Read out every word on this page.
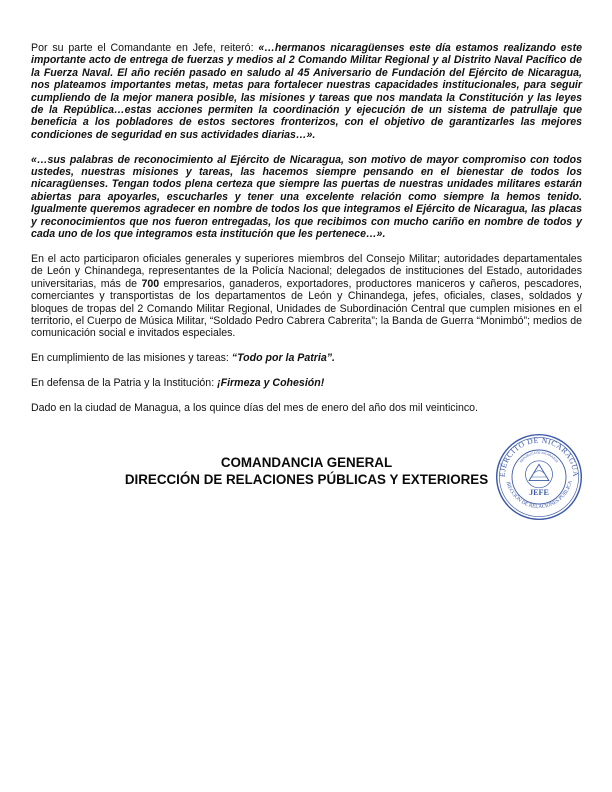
Por su parte el Comandante en Jefe, reiteró: «…hermanos nicaragüenses este día estamos realizando este importante acto de entrega de fuerzas y medios al 2 Comando Militar Regional y al Distrito Naval Pacífico de la Fuerza Naval. El año recién pasado en saludo al 45 Aniversario de Fundación del Ejército de Nicaragua, nos plateamos importantes metas, metas para fortalecer nuestras capacidades institucionales, para seguir cumpliendo de la mejor manera posible, las misiones y tareas que nos mandata la Constitución y las leyes de la República…estas acciones permiten la coordinación y ejecución de un sistema de patrullaje que beneficia a los pobladores de estos sectores fronterizos, con el objetivo de garantizarles las mejores condiciones de seguridad en sus actividades diarias…».

«…sus palabras de reconocimiento al Ejército de Nicaragua, son motivo de mayor compromiso con todos ustedes, nuestras misiones y tareas, las hacemos siempre pensando en el bienestar de todos los nicaragüenses. Tengan todos plena certeza que siempre las puertas de nuestras unidades militares estarán abiertas para apoyarles, escucharles y tener una excelente relación como siempre la hemos tenido. Igualmente queremos agradecer en nombre de todos los que integramos el Ejército de Nicaragua, las placas y reconocimientos que nos fueron entregadas, los que recibimos con mucho cariño en nombre de todos y cada uno de los que integramos esta institución que les pertenece…».

En el acto participaron oficiales generales y superiores miembros del Consejo Militar; autoridades departamentales de León y Chinandega, representantes de la Policía Nacional; delegados de instituciones del Estado, autoridades universitarias, más de 700 empresarios, ganaderos, exportadores, productores maniceros y cañeros, pescadores, comerciantes y transportistas de los departamentos de León y Chinandega, jefes, oficiales, clases, soldados y bloques de tropas del 2 Comando Militar Regional, Unidades de Subordinación Central que cumplen misiones en el territorio, el Cuerpo de Música Militar, “Soldado Pedro Cabrera Cabrerita”; la Banda de Guerra “Monimbó”; medios de comunicación social e invitados especiales.

En cumplimiento de las misiones y tareas: “Todo por la Patria”.

En defensa de la Patria y la Institución: ¡Firmeza y Cohesión!

Dado en la ciudad de Managua, a los quince días del mes de enero del año dos mil veinticinco.

COMANDANCIA GENERAL
DIRECCIÓN DE RELACIONES PÚBLICAS Y EXTERIORES	EJÉRCITO DE NICARAGUA
IRECCIÓN DE RELACIONES PÚBLICA
REPÚBLICA DE NICARAGUA
JEFE
